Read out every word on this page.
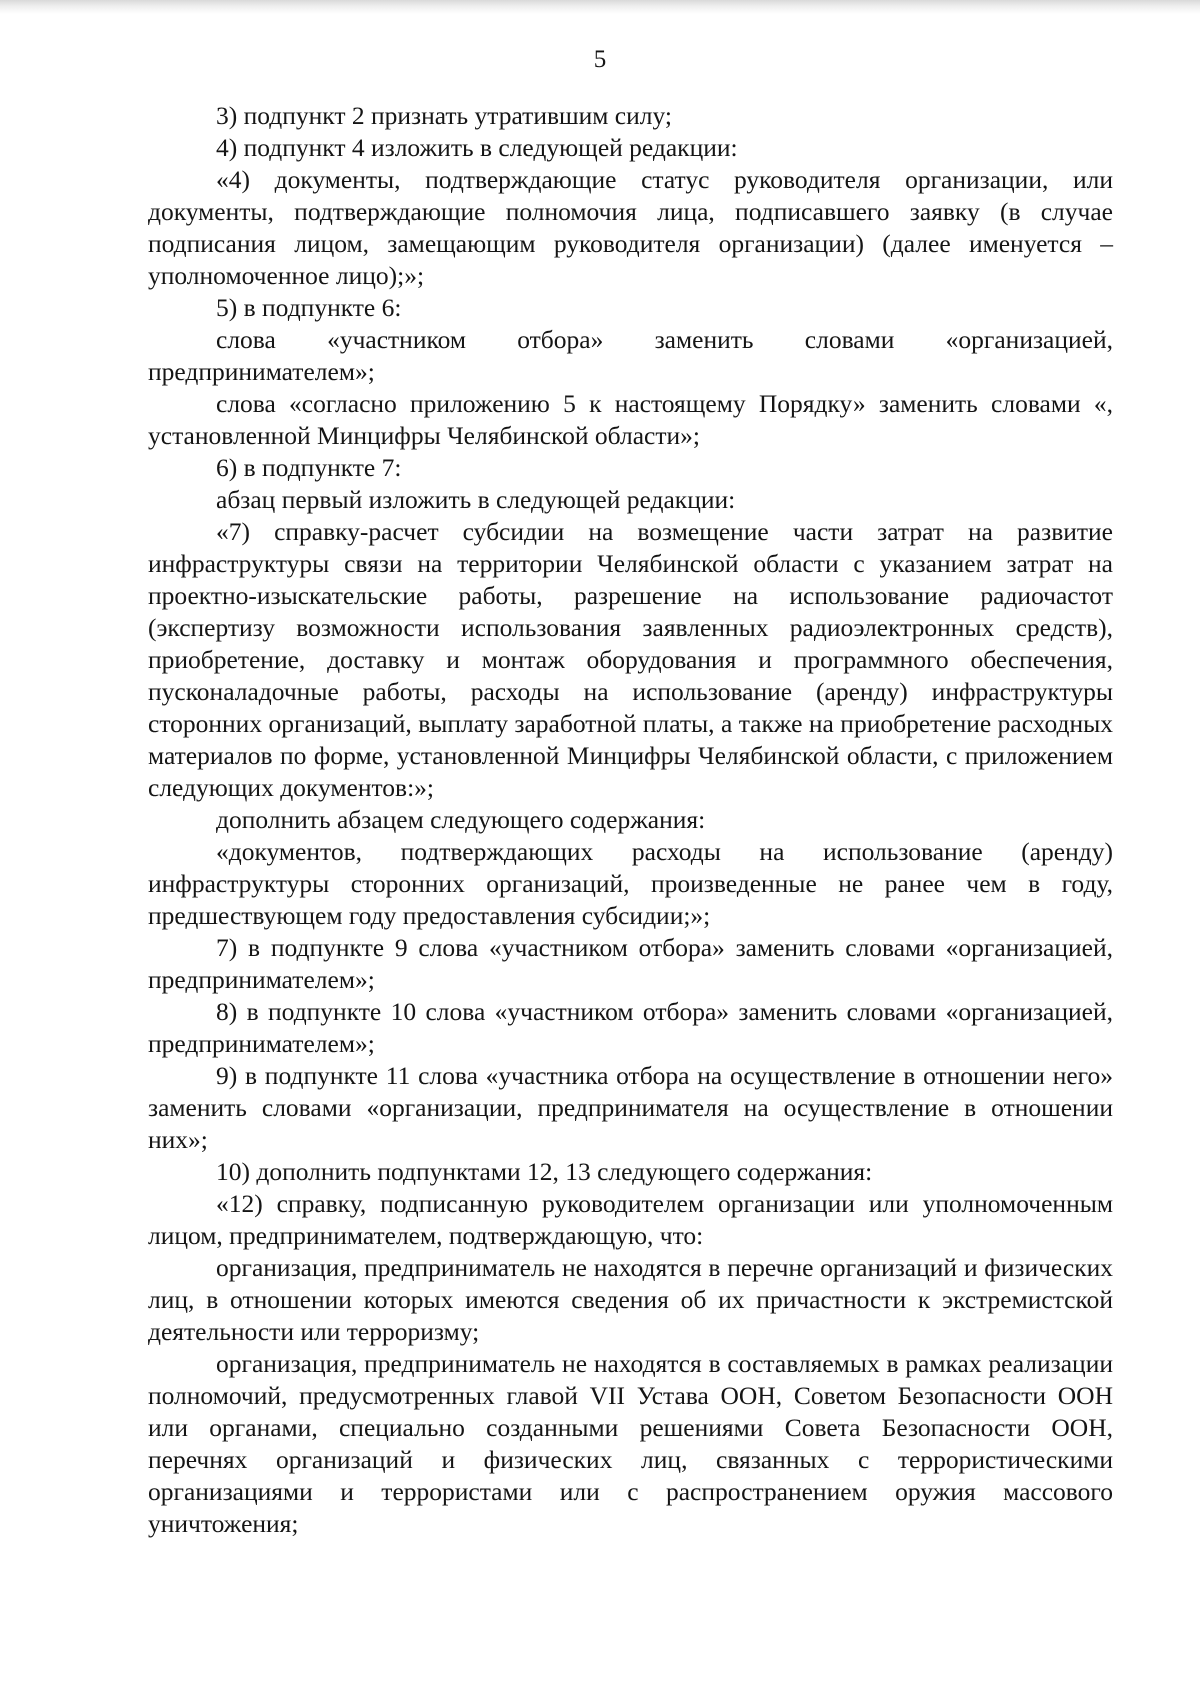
5

3) подпункт 2 признать утратившим силу;

4) подпункт 4 изложить в следующей редакции:

«4) документы, подтверждающие статус руководителя организации, или документы, подтверждающие полномочия лица, подписавшего заявку (в случае подписания лицом, замещающим руководителя организации) (далее именуется – уполномоченное лицо);»;

5) в подпункте 6:

слова «участником отбора» заменить словами «организацией, предпринимателем»;

слова «согласно приложению 5 к настоящему Порядку» заменить словами «, установленной Минцифры Челябинской области»;

6) в подпункте 7:

абзац первый изложить в следующей редакции:

«7) справку-расчет субсидии на возмещение части затрат на развитие инфраструктуры связи на территории Челябинской области с указанием затрат на проектно-изыскательские работы, разрешение на использование радиочастот (экспертизу возможности использования заявленных радиоэлектронных средств), приобретение, доставку и монтаж оборудования и программного обеспечения, пусконаладочные работы, расходы на использование (аренду) инфраструктуры сторонних организаций, выплату заработной платы, а также на приобретение расходных материалов по форме, установленной Минцифры Челябинской области, с приложением следующих документов:»;

дополнить абзацем следующего содержания:

«документов, подтверждающих расходы на использование (аренду) инфраструктуры сторонних организаций, произведенные не ранее чем в году, предшествующем году предоставления субсидии;»;

7) в подпункте 9 слова «участником отбора» заменить словами «организацией, предпринимателем»;

8) в подпункте 10 слова «участником отбора» заменить словами «организацией, предпринимателем»;

9) в подпункте 11 слова «участника отбора на осуществление в отношении него» заменить словами «организации, предпринимателя на осуществление в отношении них»;

10) дополнить подпунктами 12, 13 следующего содержания:

«12) справку, подписанную руководителем организации или уполномоченным лицом, предпринимателем, подтверждающую, что:

организация, предприниматель не находятся в перечне организаций и физических лиц, в отношении которых имеются сведения об их причастности к экстремистской деятельности или терроризму;

организация, предприниматель не находятся в составляемых в рамках реализации полномочий, предусмотренных главой VII Устава ООН, Советом Безопасности ООН или органами, специально созданными решениями Совета Безопасности ООН, перечнях организаций и физических лиц, связанных с террористическими организациями и террористами или с распространением оружия массового уничтожения;
